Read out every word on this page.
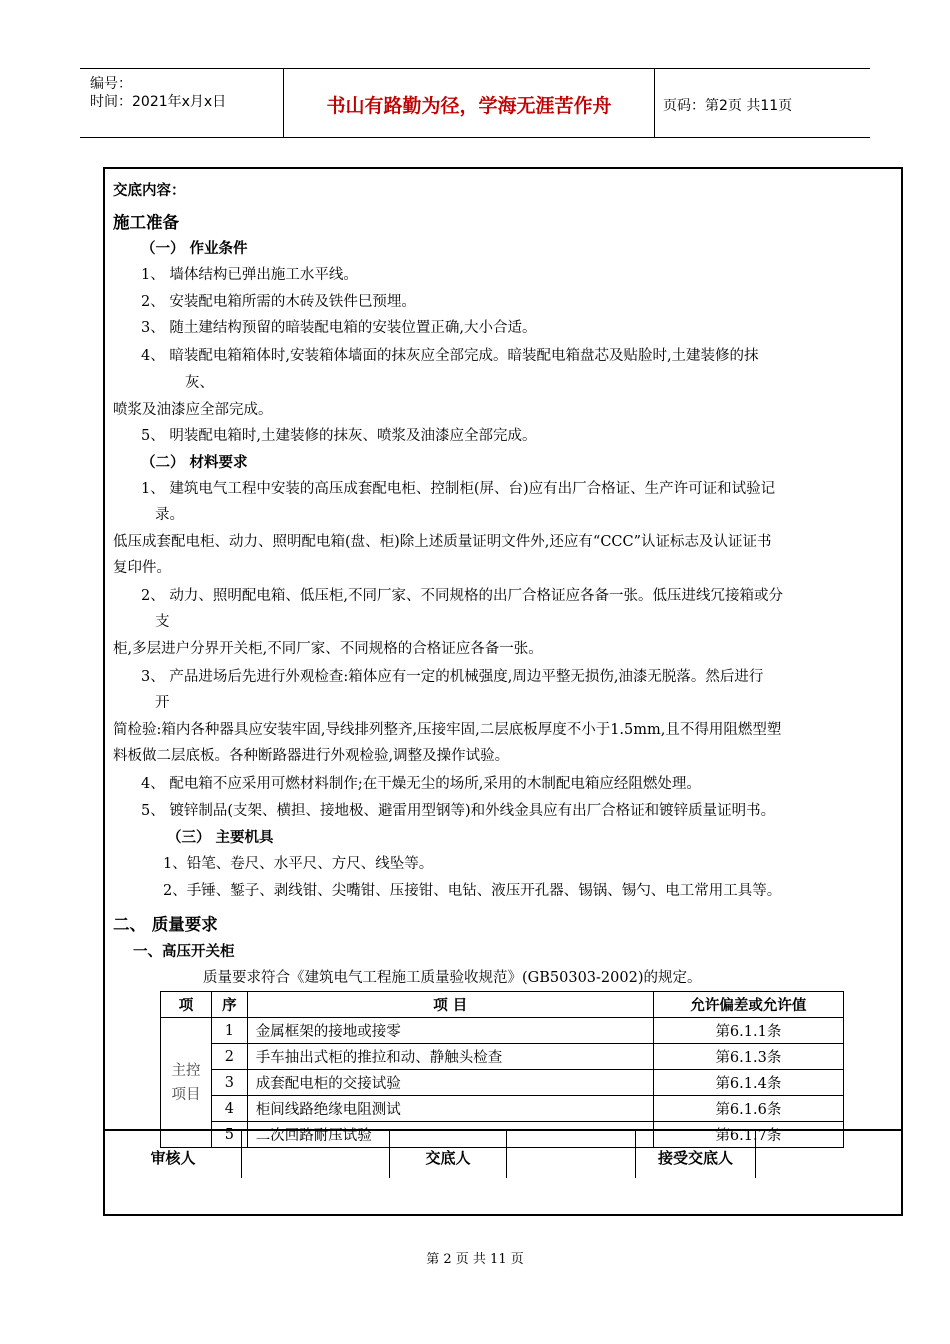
编号：
时间：2021年x月x日	书山有路勤为径，学海无涯苦作舟	页码：第2页 共11页
交底内容：
施工准备
（一） 作业条件
1、 墙体结构已弹出施工水平线。
2、 安装配电箱所需的木砖及铁件巳预埋。
3、 随土建结构预留的暗装配电箱的安装位置正确,大小合适。
4、 暗装配电箱箱体时,安装箱体墙面的抹灰应全部完成。暗装配电箱盘芯及贴脸时,土建装修的抹
灰、
喷浆及油漆应全部完成。
5、 明装配电箱时,土建装修的抹灰、喷浆及油漆应全部完成。
（二） 材料要求
1、 建筑电气工程中安装的高压成套配电柜、控制柜(屏、台)应有出厂合格证、生产许可证和试验记
录。
低压成套配电柜、动力、照明配电箱(盘、柜)除上述质量证明文件外,还应有“CCC”认证标志及认证证书
复印件。
2、 动力、照明配电箱、低压柜,不同厂家、不同规格的出厂合格证应各备一张。低压进线冗接箱或分
支
柜,多层进户分界开关柜,不同厂家、不同规格的合格证应各备一张。
3、 产品进场后先进行外观检查:箱体应有一定的机械强度,周边平整无损伤,油漆无脱落。然后进行
开
简检验:箱内各种器具应安装牢固,导线排列整齐,压接牢固,二层底板厚度不小于1.5mm,且不得用阻燃型塑
料板做二层底板。各种断路器进行外观检验,调整及操作试验。
4、 配电箱不应采用可燃材料制作;在干燥无尘的场所,采用的木制配电箱应经阻燃处理。
5、 镀锌制品(支架、横担、接地极、避雷用型钢等)和外线金具应有出厂合格证和镀锌质量证明书。
（三） 主要机具
1、铅笔、卷尺、水平尺、方尺、线坠等。
2、手锤、錾子、剥线钳、尖嘴钳、压接钳、电钻、液压开孔器、锡锅、锡勺、电工常用工具等。
二、 质量要求
一、高压开关柜
质量要求符合《建筑电气工程施工质量验收规范》(GB50303-2002)的规定。
项	序	项 目	允许偏差或允许值

主控项目	1	金属框架的接地或接零	第6.1.1条
	2	手车抽出式柜的推拉和动、静触头检查	第6.1.3条
	3	成套配电柜的交接试验	第6.1.4条
	4	柜间线路绝缘电阻测试	第6.1.6条
	5	二次回路耐压试验	第6.1.7条
审核人	交底人	接受交底人
第 2 页 共 11 页
